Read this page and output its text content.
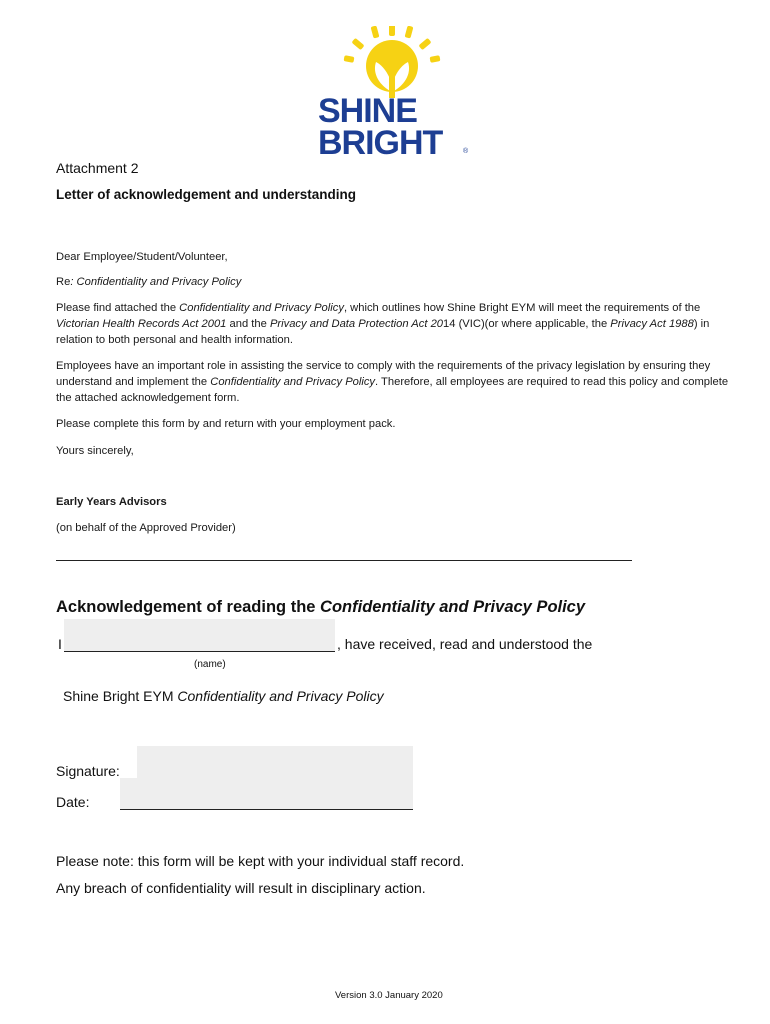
SHINE
BRIGHT	®
Attachment 2
Letter of acknowledgement and understanding
Dear Employee/Student/Volunteer,
Re: Confidentiality and Privacy Policy

Please find attached the Confidentiality and Privacy Policy, which outlines how Shine Bright EYM will meet the requirements of the Victorian Health Records Act 2001 and the Privacy and Data Protection Act 2014 (VIC)(or where applicable, the Privacy Act 1988) in relation to both personal and health information.

Employees have an important role in assisting the service to comply with the requirements of the privacy legislation by ensuring they understand and implement the Confidentiality and Privacy Policy. Therefore, all employees are required to read this policy and complete the attached acknowledgement form.

Please complete this form by and return with your employment pack.
Yours sincerely,
Early Years Advisors
(on behalf of the Approved Provider)
Acknowledgement of reading the Confidentiality and Privacy Policy
I	, have received, read and understood the
(name)
Shine Bright EYM Confidentiality and Privacy Policy
Signature:
Date:
Please note: this form will be kept with your individual staff record.
Any breach of confidentiality will result in disciplinary action.
Version 3.0 January 2020
